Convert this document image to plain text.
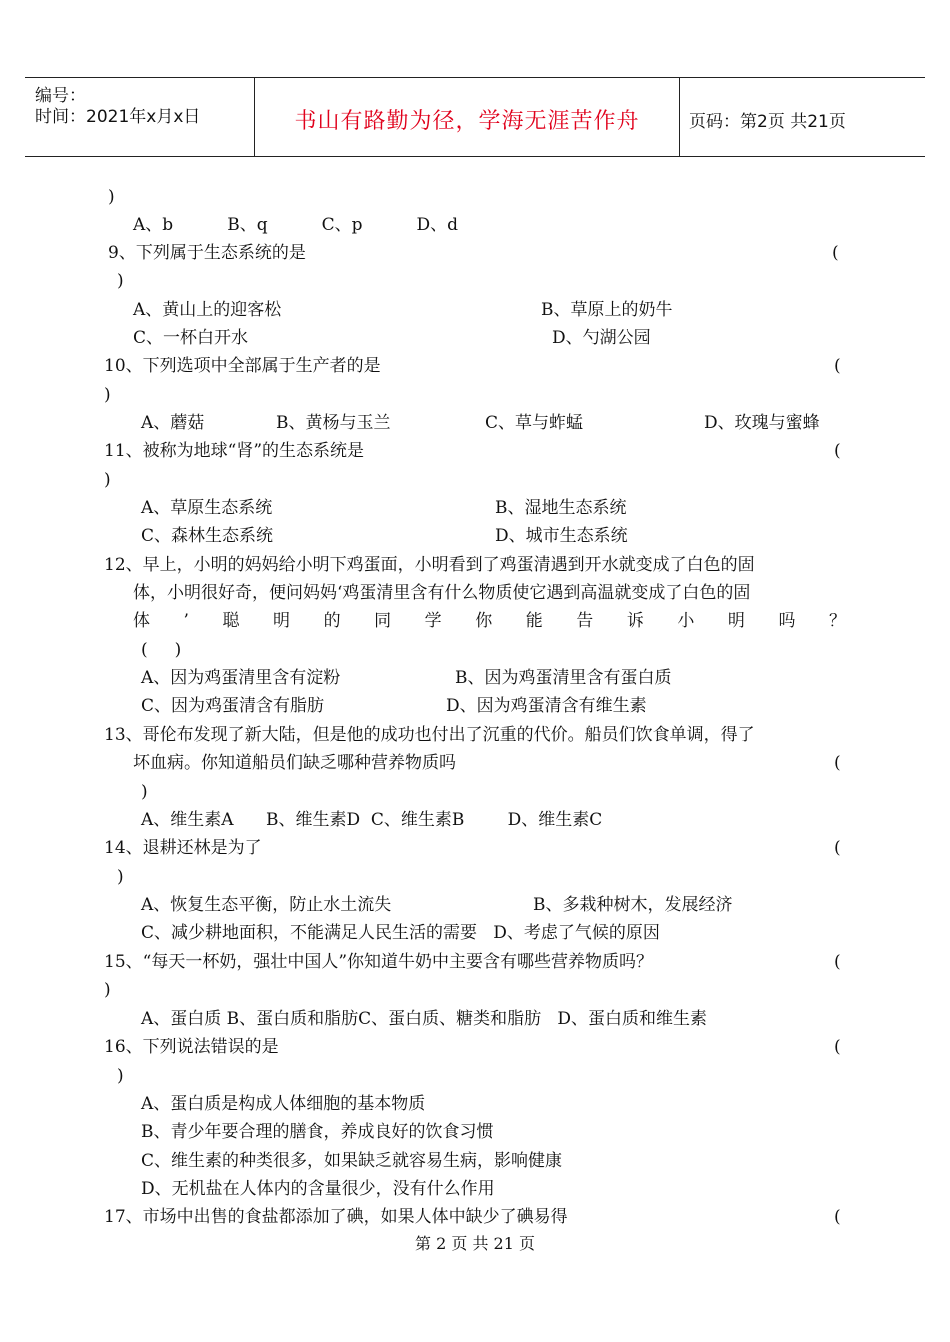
编号：
时间：2021年x月x日	书山有路勤为径，学海无涯苦作舟	页码：第2页 共21页
)
A、b          B、q          C、p          D、d
9、下列属于生态系统的是	(
)
A、黄山上的迎客松	B、草原上的奶牛
C、一杯白开水	D、勺湖公园
10、下列选项中全部属于生产者的是	(
)
A、蘑菇	B、黄杨与玉兰	C、草与蚱蜢	D、玫瑰与蜜蜂
11、被称为地球“肾”的生态系统是	(
)
A、草原生态系统	B、湿地生态系统
C、森林生态系统	D、城市生态系统
12、早上，小明的妈妈给小明下鸡蛋面，小明看到了鸡蛋清遇到开水就变成了白色的固
(     )
A、因为鸡蛋清里含有淀粉	B、因为鸡蛋清里含有蛋白质
C、因为鸡蛋清含有脂肪	D、因为鸡蛋清含有维生素
13、哥伦布发现了新大陆，但是他的成功也付出了沉重的代价。船员们饮食单调，得了
坏血病。你知道船员们缺乏哪种营养物质吗	(
)
A、维生素A      B、维生素D  C、维生素B        D、维生素C
14、退耕还林是为了	(
)
A、恢复生态平衡，防止水土流失	B、多栽种树木，发展经济
C、减少耕地面积，不能满足人民生活的需要   D、考虑了气候的原因
15、“每天一杯奶，强壮中国人”你知道牛奶中主要含有哪些营养物质吗？	(
)
A、蛋白质 B、蛋白质和脂肪C、蛋白质、糖类和脂肪   D、蛋白质和维生素
16、下列说法错误的是	(
)
A、蛋白质是构成人体细胞的基本物质
B、青少年要合理的膳食，养成良好的饮食习惯
C、维生素的种类很多，如果缺乏就容易生病，影响健康
D、无机盐在人体内的含量很少，没有什么作用
17、市场中出售的食盐都添加了碘，如果人体中缺少了碘易得	(
体，小明很好奇，便问妈妈‘鸡蛋清里含有什么物质使它遇到高温就变成了白色的固
体’聪明的同学你能告诉小明吗？
第 2 页 共 21 页
